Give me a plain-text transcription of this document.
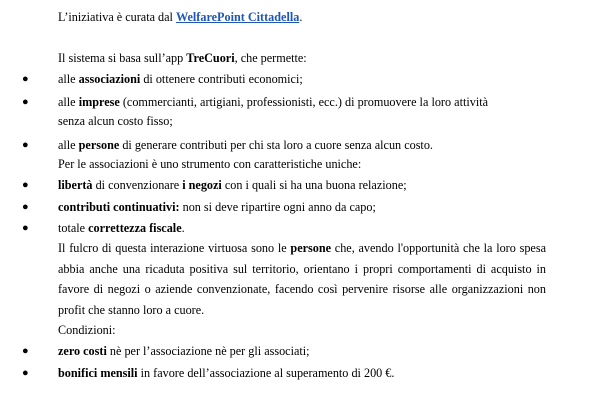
L’iniziativa è curata dal WelfarePoint Cittadella.

Il sistema si basa sull’app TreCuori, che permette:

● alle associazioni di ottenere contributi economici;
● alle imprese (commercianti, artigiani, professionisti, ecc.) di promuovere la loro attività
senza alcun costo fisso;
● alle persone di generare contributi per chi sta loro a cuore senza alcun costo.

Per le associazioni è uno strumento con caratteristiche uniche:

● libertà di convenzionare i negozi con i quali si ha una buona relazione;
● contributi continuativi: non si deve ripartire ogni anno da capo;
● totale correttezza fiscale.

Il fulcro di questa interazione virtuosa sono le persone che, avendo l'opportunità che la loro spesa abbia anche una ricaduta positiva sul territorio, orientano i propri comportamenti di acquisto in favore di negozi o aziende convenzionate, facendo così pervenire risorse alle organizzazioni non profit che stanno loro a cuore.

Condizioni:

● zero costi nè per l’associazione nè per gli associati;
● bonifici mensili in favore dell’associazione al superamento di 200 €.
